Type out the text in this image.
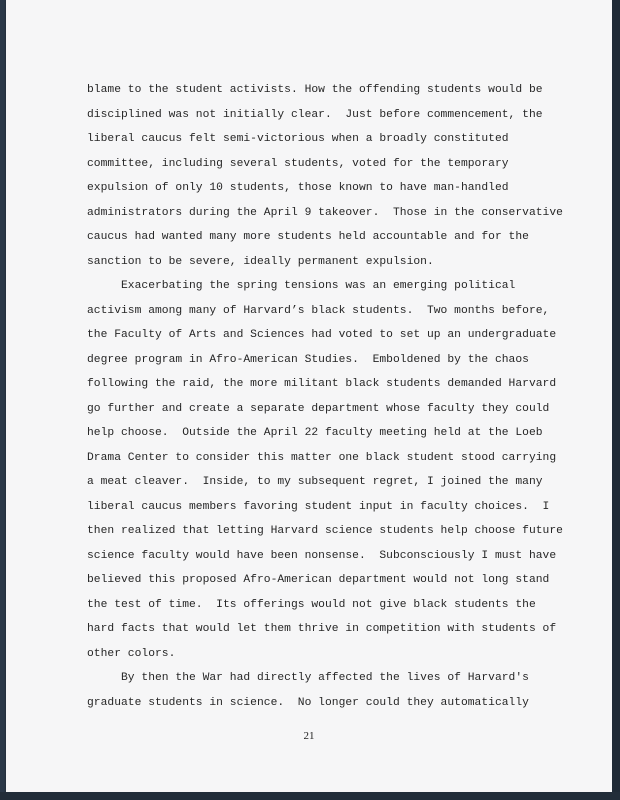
blame to the student activists. How the offending students would be
disciplined was not initially clear.  Just before commencement, the
liberal caucus felt semi-victorious when a broadly constituted
committee, including several students, voted for the temporary
expulsion of only 10 students, those known to have man-handled
administrators during the April 9 takeover.  Those in the conservative
caucus had wanted many more students held accountable and for the
sanction to be severe, ideally permanent expulsion.
Exacerbating the spring tensions was an emerging political
activism among many of Harvard’s black students.  Two months before,
the Faculty of Arts and Sciences had voted to set up an undergraduate
degree program in Afro-American Studies.  Emboldened by the chaos
following the raid, the more militant black students demanded Harvard
go further and create a separate department whose faculty they could
help choose.  Outside the April 22 faculty meeting held at the Loeb
Drama Center to consider this matter one black student stood carrying
a meat cleaver.  Inside, to my subsequent regret, I joined the many
liberal caucus members favoring student input in faculty choices.  I
then realized that letting Harvard science students help choose future
science faculty would have been nonsense.  Subconsciously I must have
believed this proposed Afro-American department would not long stand
the test of time.  Its offerings would not give black students the
hard facts that would let them thrive in competition with students of
other colors.
By then the War had directly affected the lives of Harvard's
graduate students in science.  No longer could they automatically
21
